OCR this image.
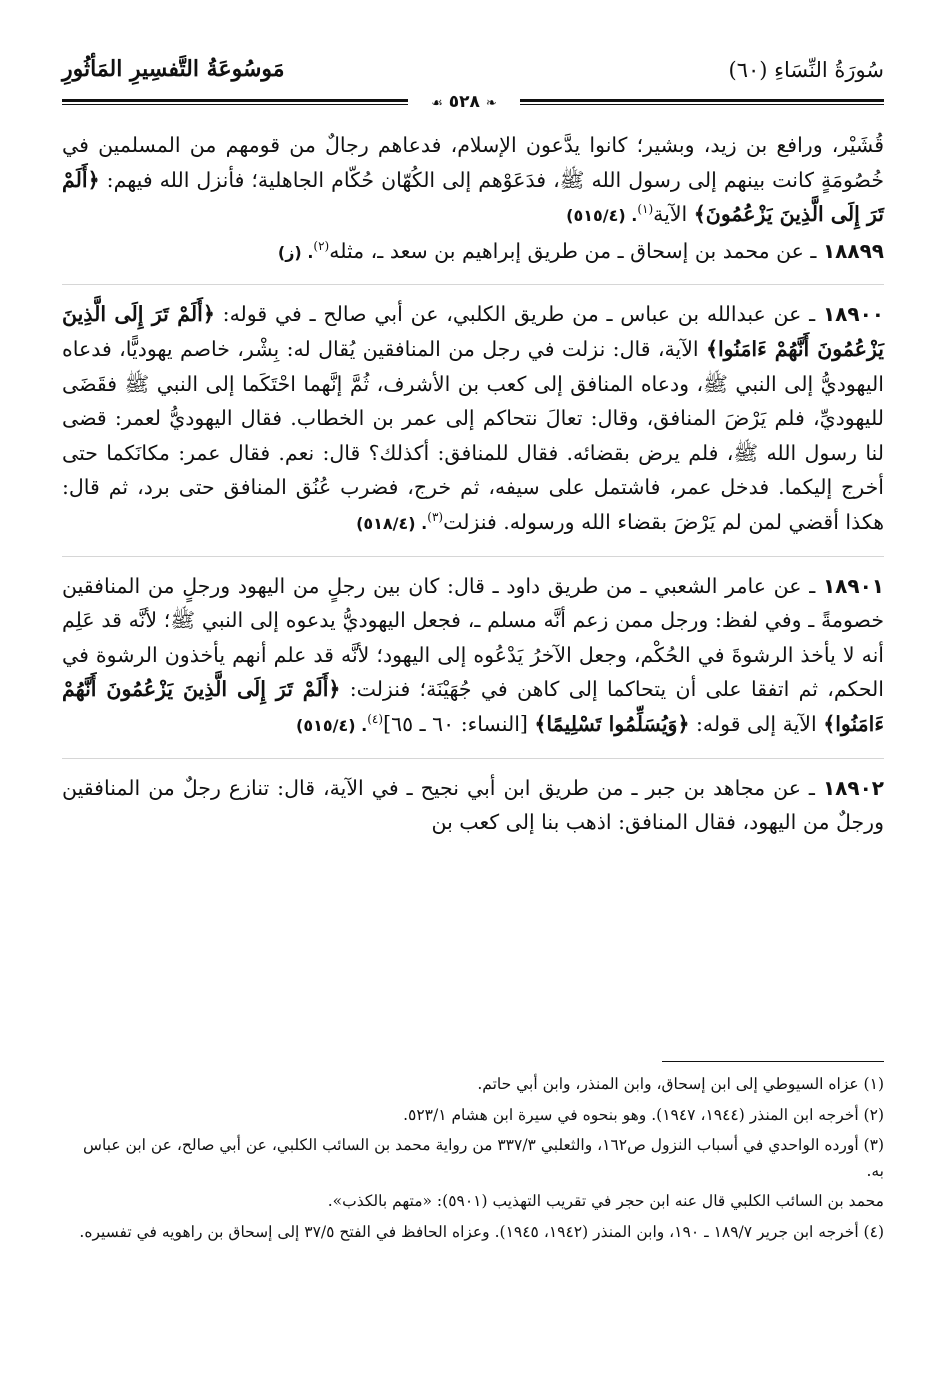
سُورَةُ النِّسَاءِ (٦٠)
مَوسُوعَةُ التَّفسِيرِ المَأثُورِ
❧ ٥٢٨ ☙

قُشَيْر، ورافع بن زيد، وبشير؛ كانوا يدَّعون الإسلام، فدعاهم رجالٌ من قومهم من المسلمين في خُصُومَةٍ كانت بينهم إلى رسول الله ﷺ، فدَعَوْهم إلى الكُهّان حُكّام الجاهلية؛ فأنزل الله فيهم: ﴿أَلَمْ تَرَ إِلَى الَّذِينَ يَزْعُمُونَ﴾ الآية$^{(١)}$. (٥١٥/٤)

١٨٨٩٩ ـ عن محمد بن إسحاق ـ من طريق إبراهيم بن سعد ـ، مثله$^{(٢)}$. (ز)

١٨٩٠٠ ـ عن عبدالله بن عباس ـ من طريق الكلبي، عن أبي صالح ـ في قوله: ﴿أَلَمْ تَرَ إِلَى الَّذِينَ يَزْعُمُونَ أَنَّهُمْ ءَامَنُوا﴾ الآية، قال: نزلت في رجل من المنافقين يُقال له: بِشْر، خاصم يهوديًّا، فدعاه اليهوديُّ إلى النبي ﷺ، ودعاه المنافق إلى كعب بن الأشرف، ثُمَّ إنَّهما احْتَكَما إلى النبي ﷺ فقَضَى لليهوديِّ، فلم يَرْضَ المنافق، وقال: تعالَ نتحاكم إلى عمر بن الخطاب. فقال اليهوديُّ لعمر: قضى لنا رسول الله ﷺ، فلم يرض بقضائه. فقال للمنافق: أكذلك؟ قال: نعم. فقال عمر: مكانَكما حتى أخرج إليكما. فدخل عمر، فاشتمل على سيفه، ثم خرج، فضرب عُنُق المنافق حتى برد، ثم قال: هكذا أقضي لمن لم يَرْضَ بقضاء الله ورسوله. فنزلت$^{(٣)}$. (٥١٨/٤)

١٨٩٠١ ـ عن عامر الشعبي ـ من طريق داود ـ قال: كان بين رجلٍ من اليهود ورجلٍ من المنافقين خصومةً ـ وفي لفظ: ورجل ممن زعم أنَّه مسلم ـ، فجعل اليهوديُّ يدعوه إلى النبي ﷺ؛ لأنَّه قد عَلِم أنه لا يأخذ الرشوةَ في الحُكْم، وجعل الآخرُ يَدْعُوه إلى اليهود؛ لأنَّه قد علم أنهم يأخذون الرشوة في الحكم، ثم اتفقا على أن يتحاكما إلى كاهن في جُهَيْنَة؛ فنزلت: ﴿أَلَمْ تَرَ إِلَى الَّذِينَ يَزْعُمُونَ أَنَّهُمْ ءَامَنُوا﴾ الآية إلى قوله: ﴿وَيُسَلِّمُوا تَسْلِيمًا﴾ [النساء: ٦٠ ـ ٦٥]$^{(٤)}$. (٥١٥/٤)

١٨٩٠٢ ـ عن مجاهد بن جبر ـ من طريق ابن أبي نجيح ـ في الآية، قال: تنازع رجلٌ من المنافقين ورجلٌ من اليهود، فقال المنافق: اذهب بنا إلى كعب بن

(١) عزاه السيوطي إلى ابن إسحاق، وابن المنذر، وابن أبي حاتم.

(٢) أخرجه ابن المنذر (١٩٤٤، ١٩٤٧). وهو بنحوه في سيرة ابن هشام ٥٢٣/١.

(٣) أورده الواحدي في أسباب النزول ص١٦٢، والثعلبي ٣٣٧/٣ من رواية محمد بن السائب الكلبي، عن أبي صالح، عن ابن عباس به.

محمد بن السائب الكلبي قال عنه ابن حجر في تقريب التهذيب (٥٩٠١): «متهم بالكذب».

(٤) أخرجه ابن جرير ١٨٩/٧ ـ ١٩٠، وابن المنذر (١٩٤٢، ١٩٤٥). وعزاه الحافظ في الفتح ٣٧/٥ إلى إسحاق بن راهويه في تفسيره.
